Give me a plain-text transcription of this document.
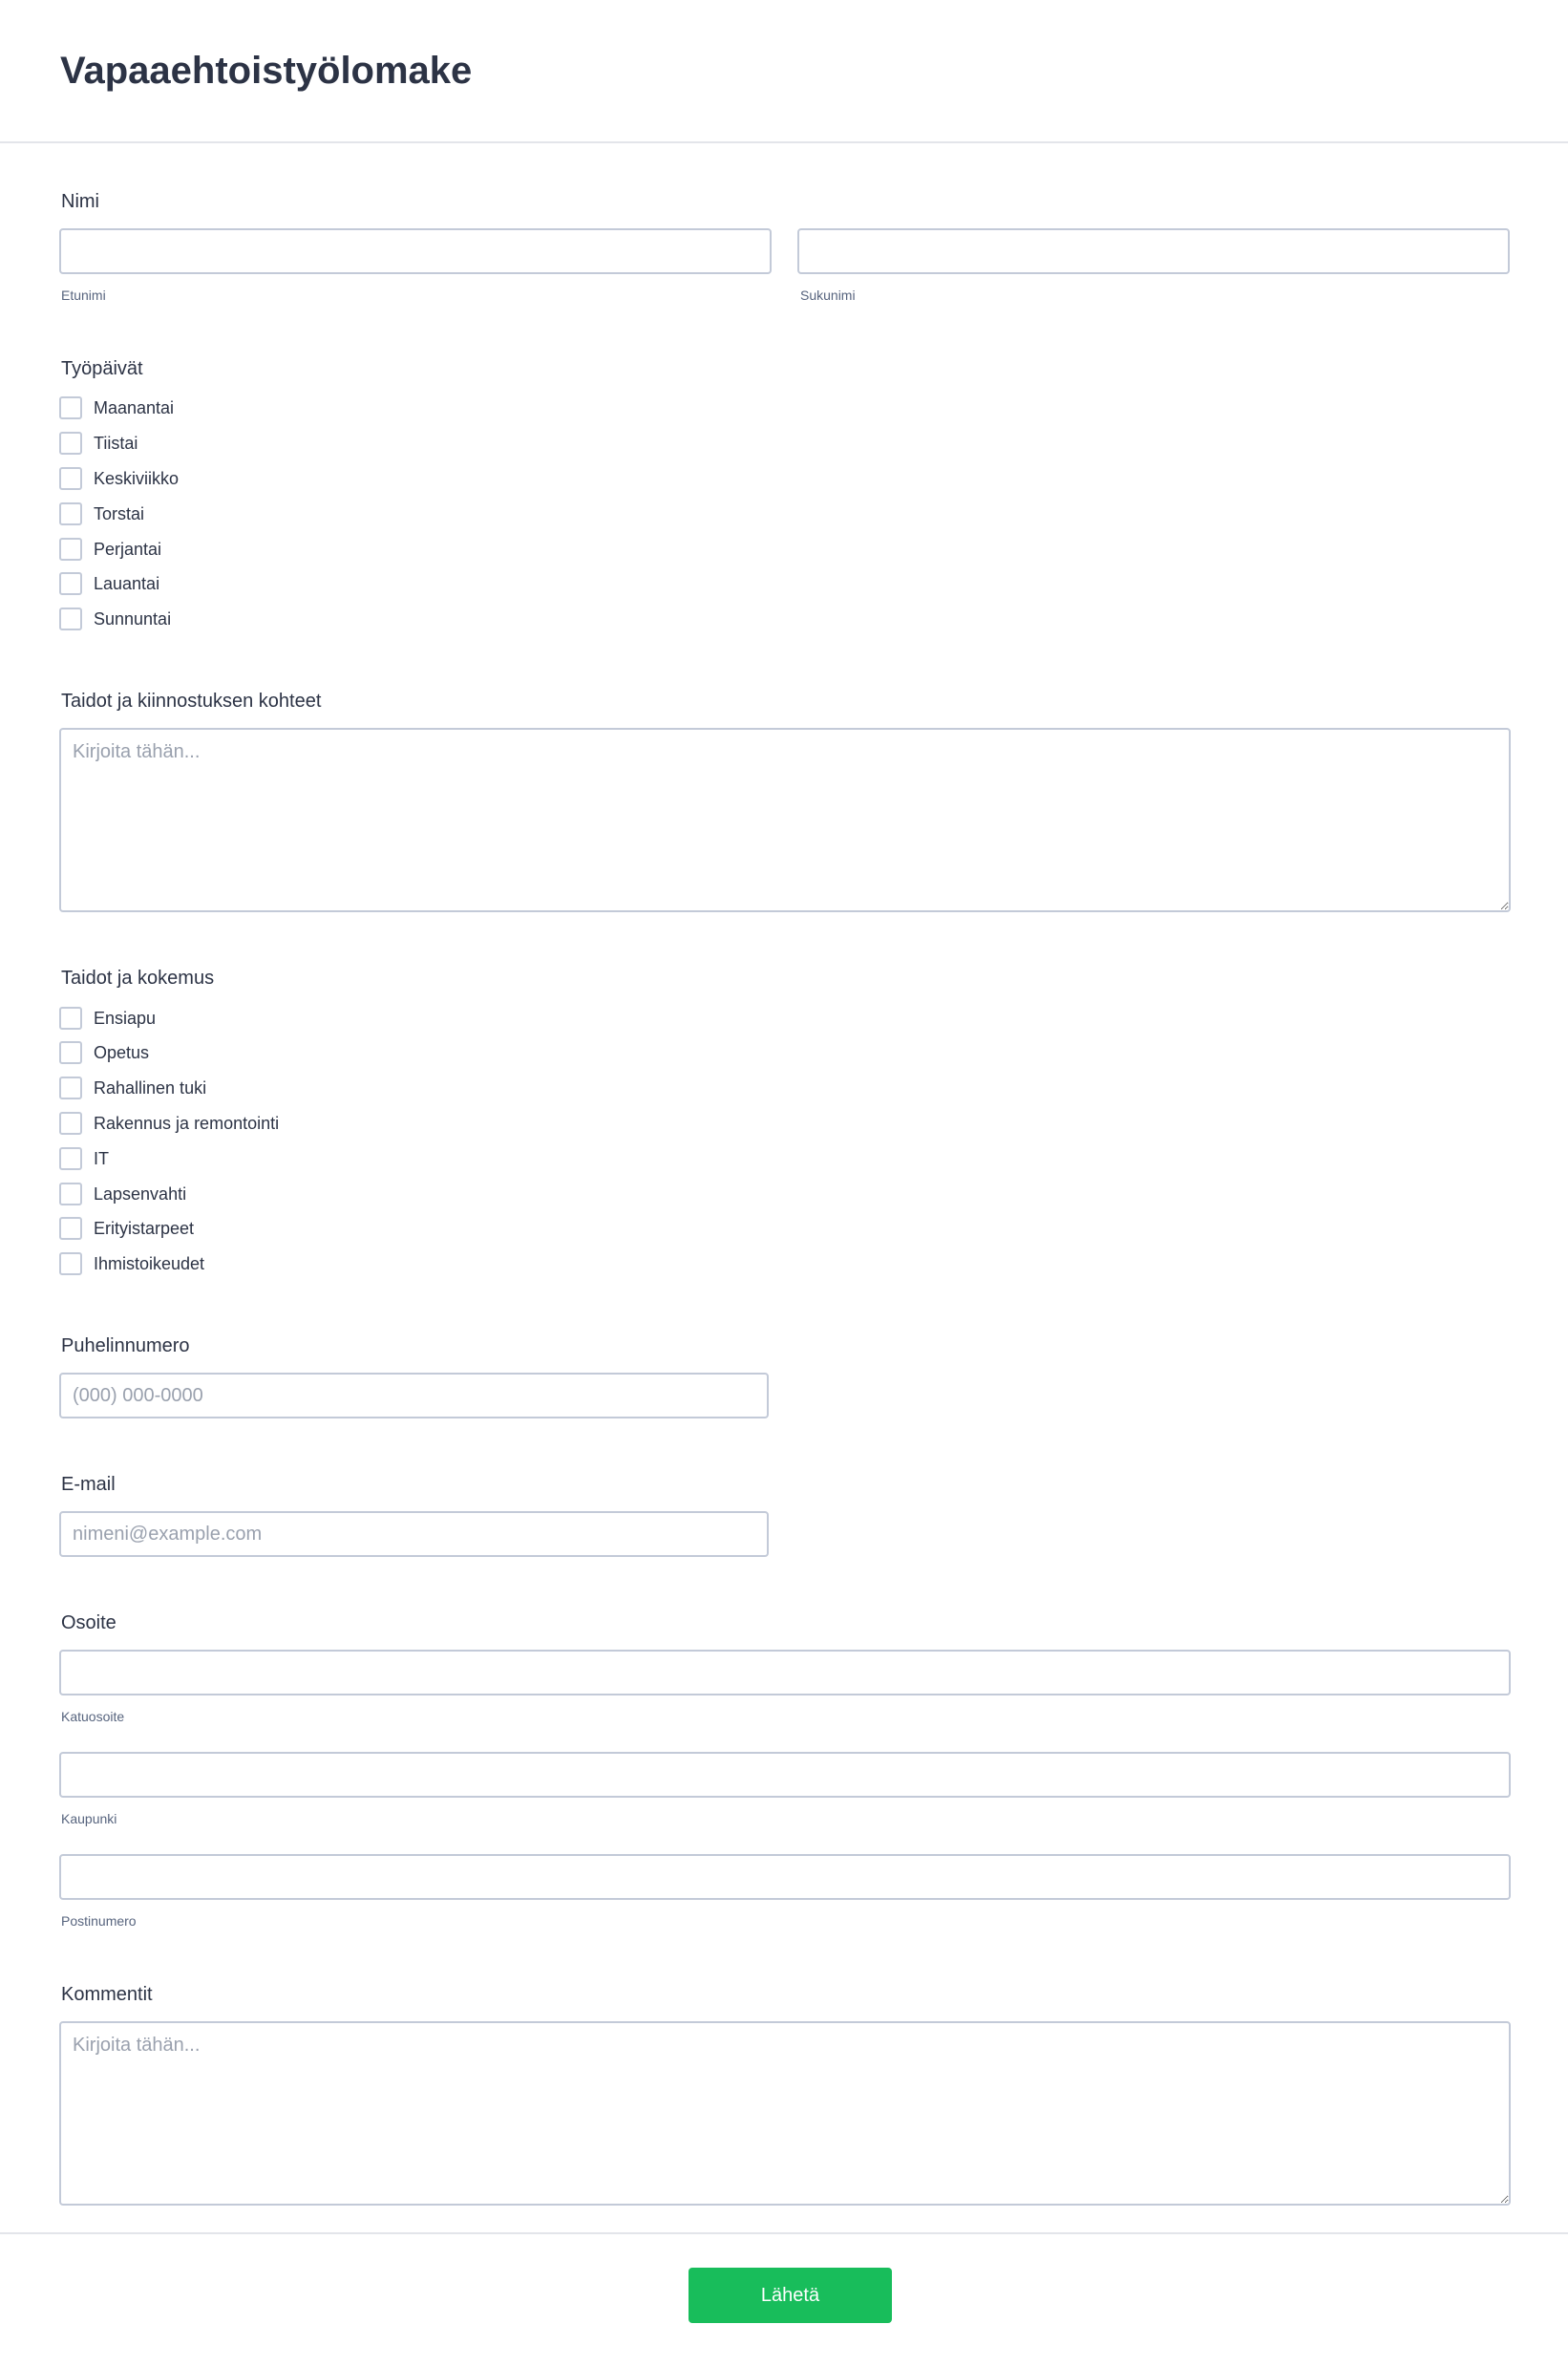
Vapaaehtoistyölomake
Nimi
Etunimi	Sukunimi
Työpäivät
Maanantai
Tiistai
Keskiviikko
Torstai
Perjantai
Lauantai
Sunnuntai
Taidot ja kiinnostuksen kohteet
Kirjoita tähän...
Taidot ja kokemus
Ensiapu
Opetus
Rahallinen tuki
Rakennus ja remontointi
IT
Lapsenvahti
Erityistarpeet
Ihmistoikeudet
Puhelinnumero
(000) 000-0000
E-mail
nimeni@example.com
Osoite
Katuosoite
Kaupunki
Postinumero
Kommentit
Kirjoita tähän...
Lähetä
